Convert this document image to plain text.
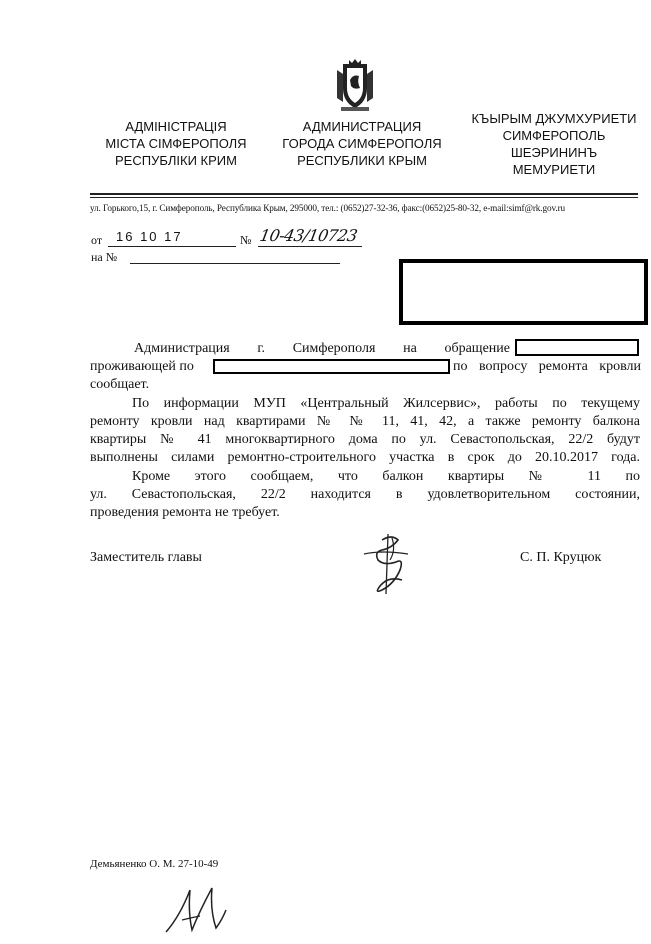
АДМІНІСТРАЦІЯ
МІСТА СІМФЕРОПОЛЯ
РЕСПУБЛІКИ КРИМ
АДМИНИСТРАЦИЯ
ГОРОДА СИМФЕРОПОЛЯ
РЕСПУБЛИКИ КРЫМ
КЪЫРЫМ ДЖУМХУРИЕТИ
СИМФЕРОПОЛЬ
ШЕЭРИНИНЪ
МЕМУРИЕТИ
ул. Горького,15, г. Симферополь, Республика Крым, 295000, тел.: (0652)27-32-36, факс:(0652)25-80-32, e-mail:simf@rk.gov.ru
от 16 10 17	№ 10-43/10723
на №
Администрация г. Симферополя на обращение
проживающей по	по вопросу ремонта кровли
сообщает.
По информации МУП «Центральный Жилсервис», работы по текущему
ремонту кровли над квартирами № № 11, 41, 42, а также ремонту балкона
квартиры № 41 многоквартирного дома по ул. Севастопольская, 22/2 будут
выполнены силами ремонтно-строительного участка в срок до 20.10.2017 года.
Кроме этого сообщаем, что балкон квартиры № 11 по
ул. Севастопольская, 22/2 находится в удовлетворительном состоянии,
проведения ремонта не требует.
Заместитель главы	С. П. Круцюк
Демьяненко О. М. 27-10-49
